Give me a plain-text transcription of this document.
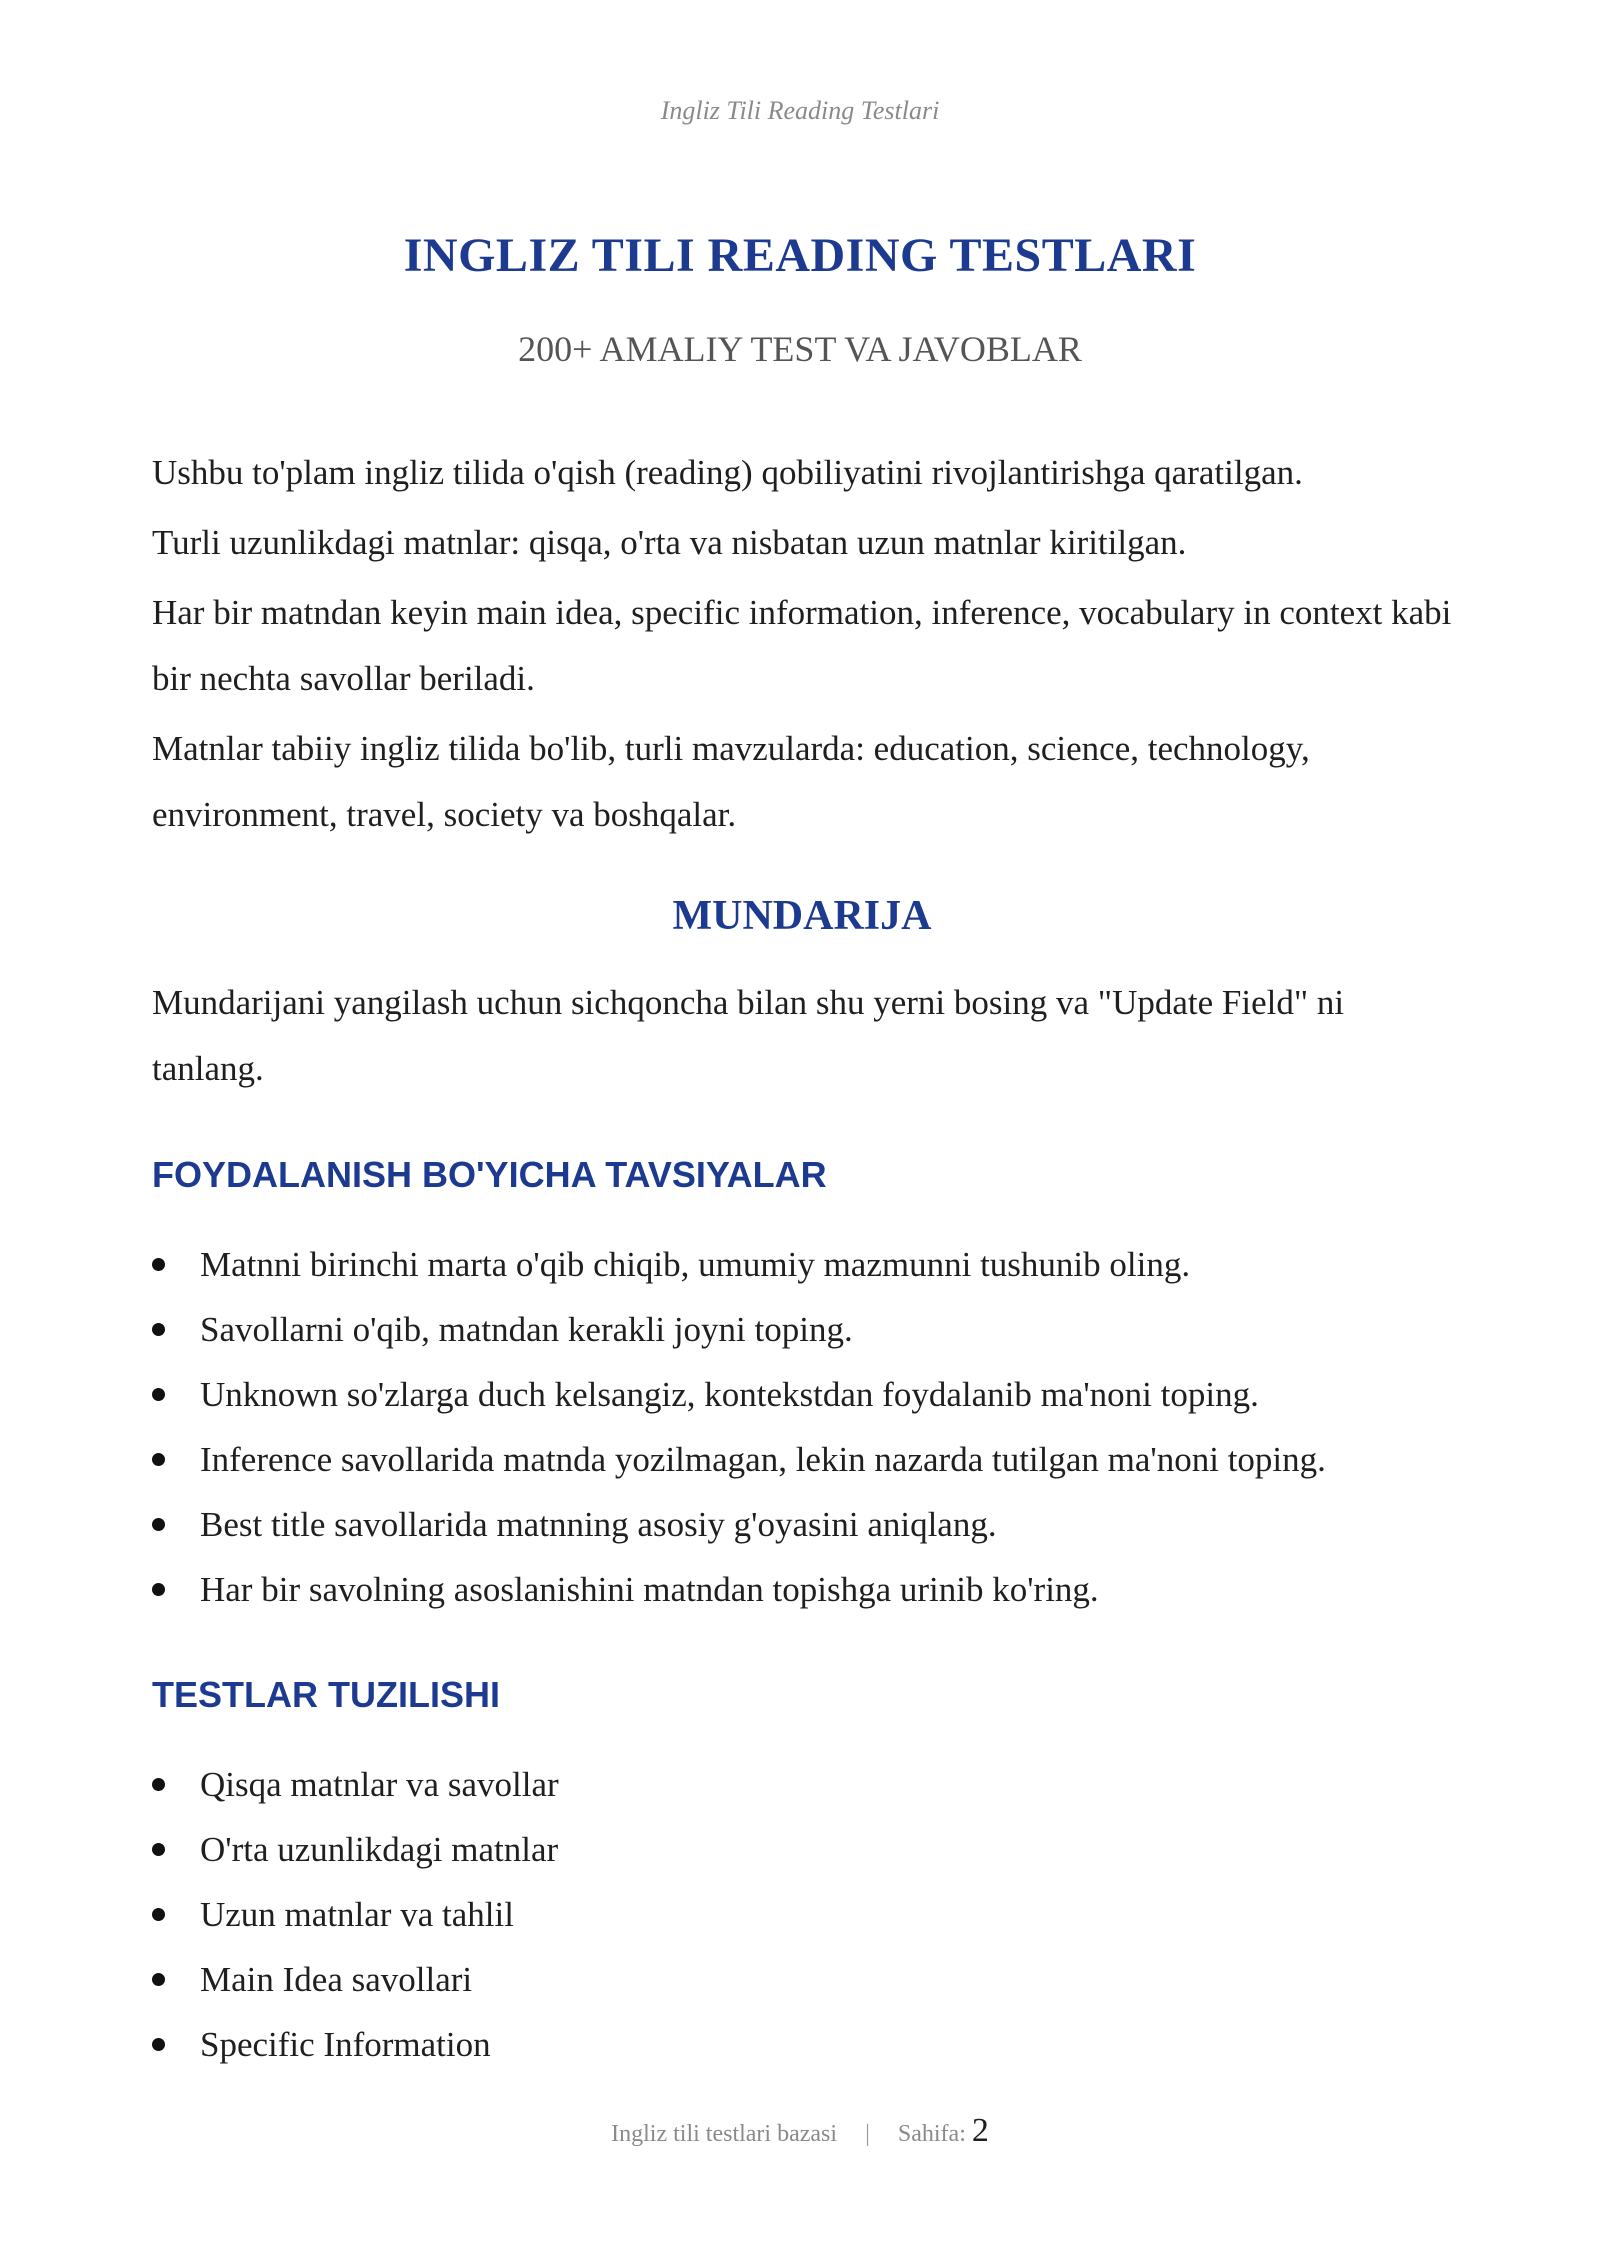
Ingliz Tili Reading Testlari
INGLIZ TILI READING TESTLARI
200+ AMALIY TEST VA JAVOBLAR

Ushbu to'plam ingliz tilida o'qish (reading) qobiliyatini rivojlantirishga qaratilgan.

Turli uzunlikdagi matnlar: qisqa, o'rta va nisbatan uzun matnlar kiritilgan.

Har bir matndan keyin main idea, specific information, inference, vocabulary in context kabi bir nechta savollar beriladi.

Matnlar tabiiy ingliz tilida bo'lib, turli mavzularda: education, science, technology, environment, travel, society va boshqalar.

MUNDARIJA

Mundarijani yangilash uchun sichqoncha bilan shu yerni bosing va "Update Field" ni tanlang.

FOYDALANISH BO'YICHA TAVSIYALAR
Matnni birinchi marta o'qib chiqib, umumiy mazmunni tushunib oling.
Savollarni o'qib, matndan kerakli joyni toping.
Unknown so'zlarga duch kelsangiz, kontekstdan foydalanib ma'noni toping.
Inference savollarida matnda yozilmagan, lekin nazarda tutilgan ma'noni toping.
Best title savollarida matnning asosiy g'oyasini aniqlang.
Har bir savolning asoslanishini matndan topishga urinib ko'ring.
TESTLAR TUZILISHI
Qisqa matnlar va savollar
O'rta uzunlikdagi matnlar
Uzun matnlar va tahlil
Main Idea savollari
Specific Information
Ingliz tili testlari bazasi | Sahifa: 2
